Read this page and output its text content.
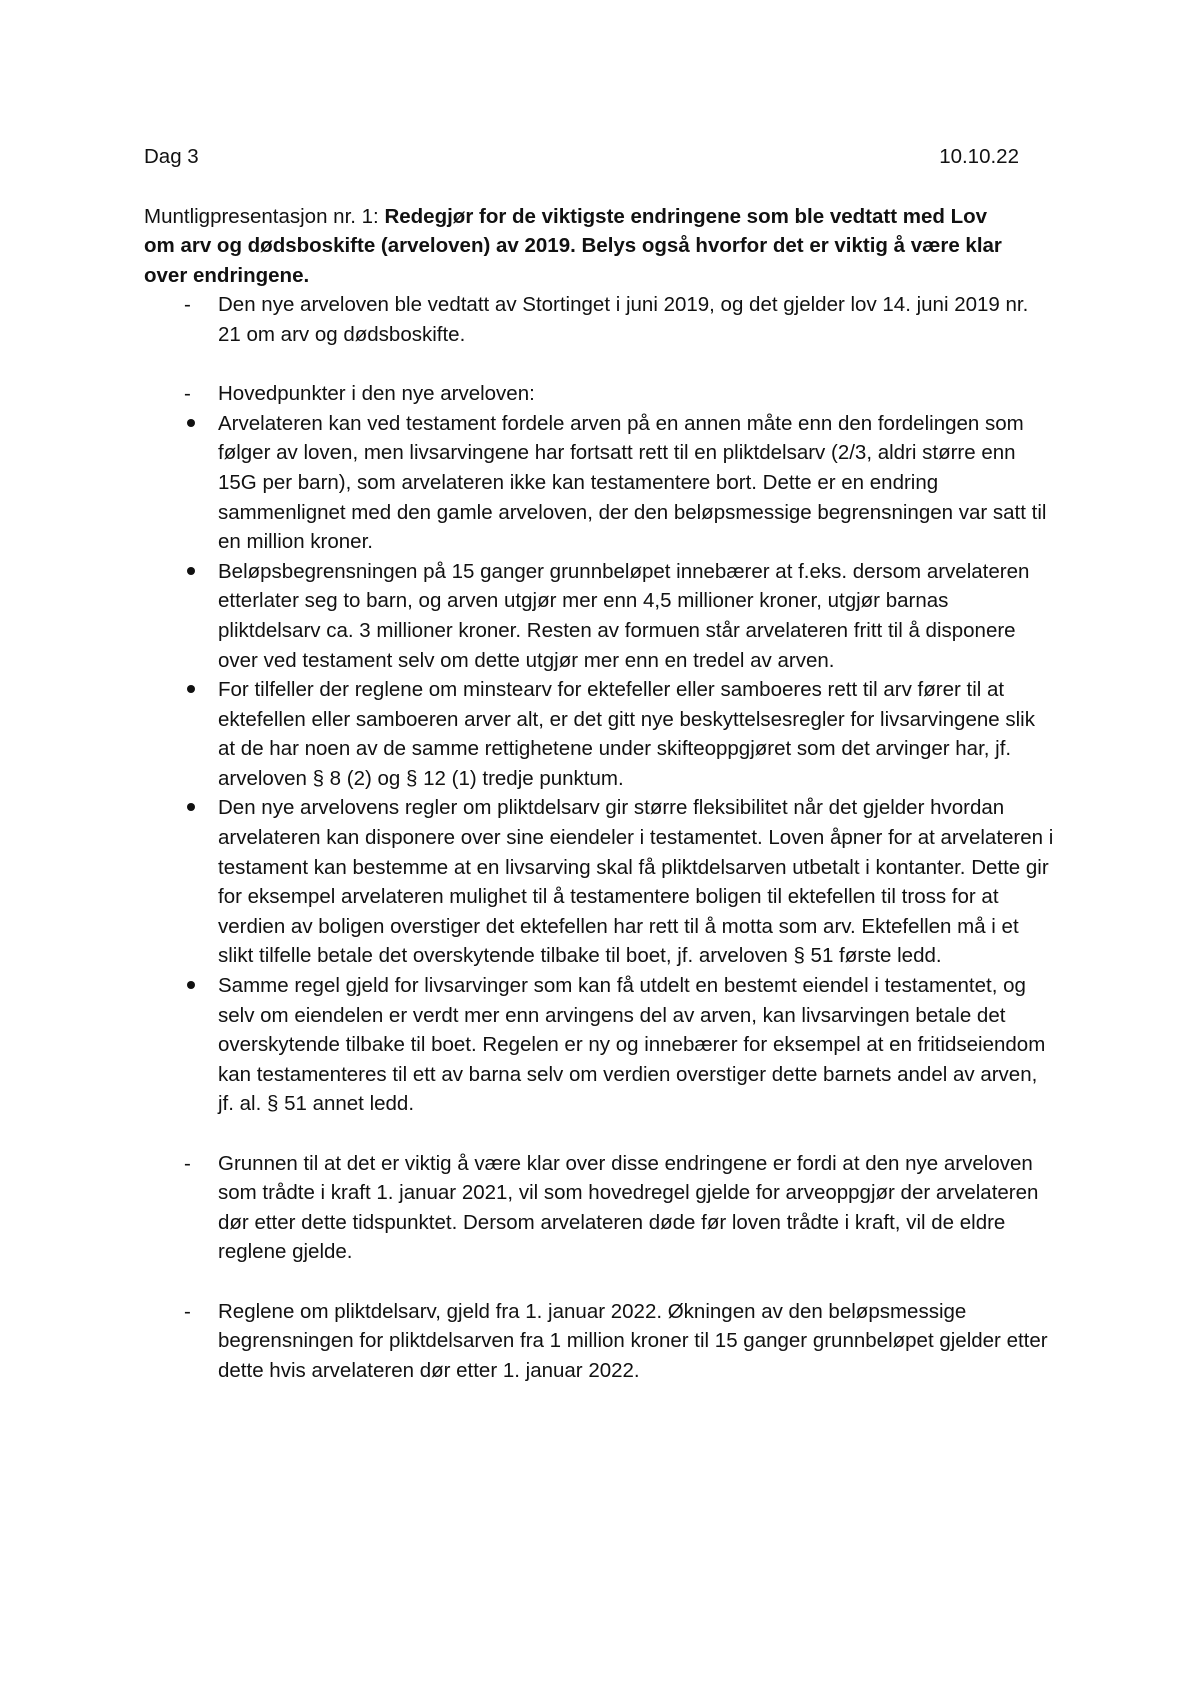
Dag 3	10.10.22

Muntligpresentasjon nr. 1: Redegjør for de viktigste endringene som ble vedtatt med Lov om arv og dødsboskifte (arveloven) av 2019. Belys også hvorfor det er viktig å være klar over endringene.

-	Den nye arveloven ble vedtatt av Stortinget i juni 2019, og det gjelder lov 14. juni 2019 nr. 21 om arv og dødsboskifte.
-	Hovedpunkter i den nye arveloven:
Arvelateren kan ved testament fordele arven på en annen måte enn den fordelingen som følger av loven, men livsarvingene har fortsatt rett til en pliktdelsarv (2/3, aldri større enn 15G per barn), som arvelateren ikke kan testamentere bort. Dette er en endring sammenlignet med den gamle arveloven, der den beløpsmessige begrensningen var satt til en million kroner.
Beløpsbegrensningen på 15 ganger grunnbeløpet innebærer at f.eks. dersom arvelateren etterlater seg to barn, og arven utgjør mer enn 4,5 millioner kroner, utgjør barnas pliktdelsarv ca. 3 millioner kroner. Resten av formuen står arvelateren fritt til å disponere over ved testament selv om dette utgjør mer enn en tredel av arven.
For tilfeller der reglene om minstearv for ektefeller eller samboeres rett til arv fører til at ektefellen eller samboeren arver alt, er det gitt nye beskyttelsesregler for livsarvingene slik at de har noen av de samme rettighetene under skifteoppgjøret som det arvinger har, jf. arveloven § 8 (2) og § 12 (1) tredje punktum.
Den nye arvelovens regler om pliktdelsarv gir større fleksibilitet når det gjelder hvordan arvelateren kan disponere over sine eiendeler i testamentet. Loven åpner for at arvelateren i testament kan bestemme at en livsarving skal få pliktdelsarven utbetalt i kontanter. Dette gir for eksempel arvelateren mulighet til å testamentere boligen til ektefellen til tross for at verdien av boligen overstiger det ektefellen har rett til å motta som arv. Ektefellen må i et slikt tilfelle betale det overskytende tilbake til boet, jf. arveloven § 51 første ledd.
Samme regel gjeld for livsarvinger som kan få utdelt en bestemt eiendel i testamentet, og selv om eiendelen er verdt mer enn arvingens del av arven, kan livsarvingen betale det overskytende tilbake til boet. Regelen er ny og innebærer for eksempel at en fritidseiendom kan testamenteres til ett av barna selv om verdien overstiger dette barnets andel av arven, jf. al. § 51 annet ledd.
-	Grunnen til at det er viktig å være klar over disse endringene er fordi at den nye arveloven som trådte i kraft 1. januar 2021, vil som hovedregel gjelde for arveoppgjør der arvelateren dør etter dette tidspunktet. Dersom arvelateren døde før loven trådte i kraft, vil de eldre reglene gjelde.
-	Reglene om pliktdelsarv, gjeld fra 1. januar 2022. Økningen av den beløpsmessige begrensningen for pliktdelsarven fra 1 million kroner til 15 ganger grunnbeløpet gjelder etter dette hvis arvelateren dør etter 1. januar 2022.
